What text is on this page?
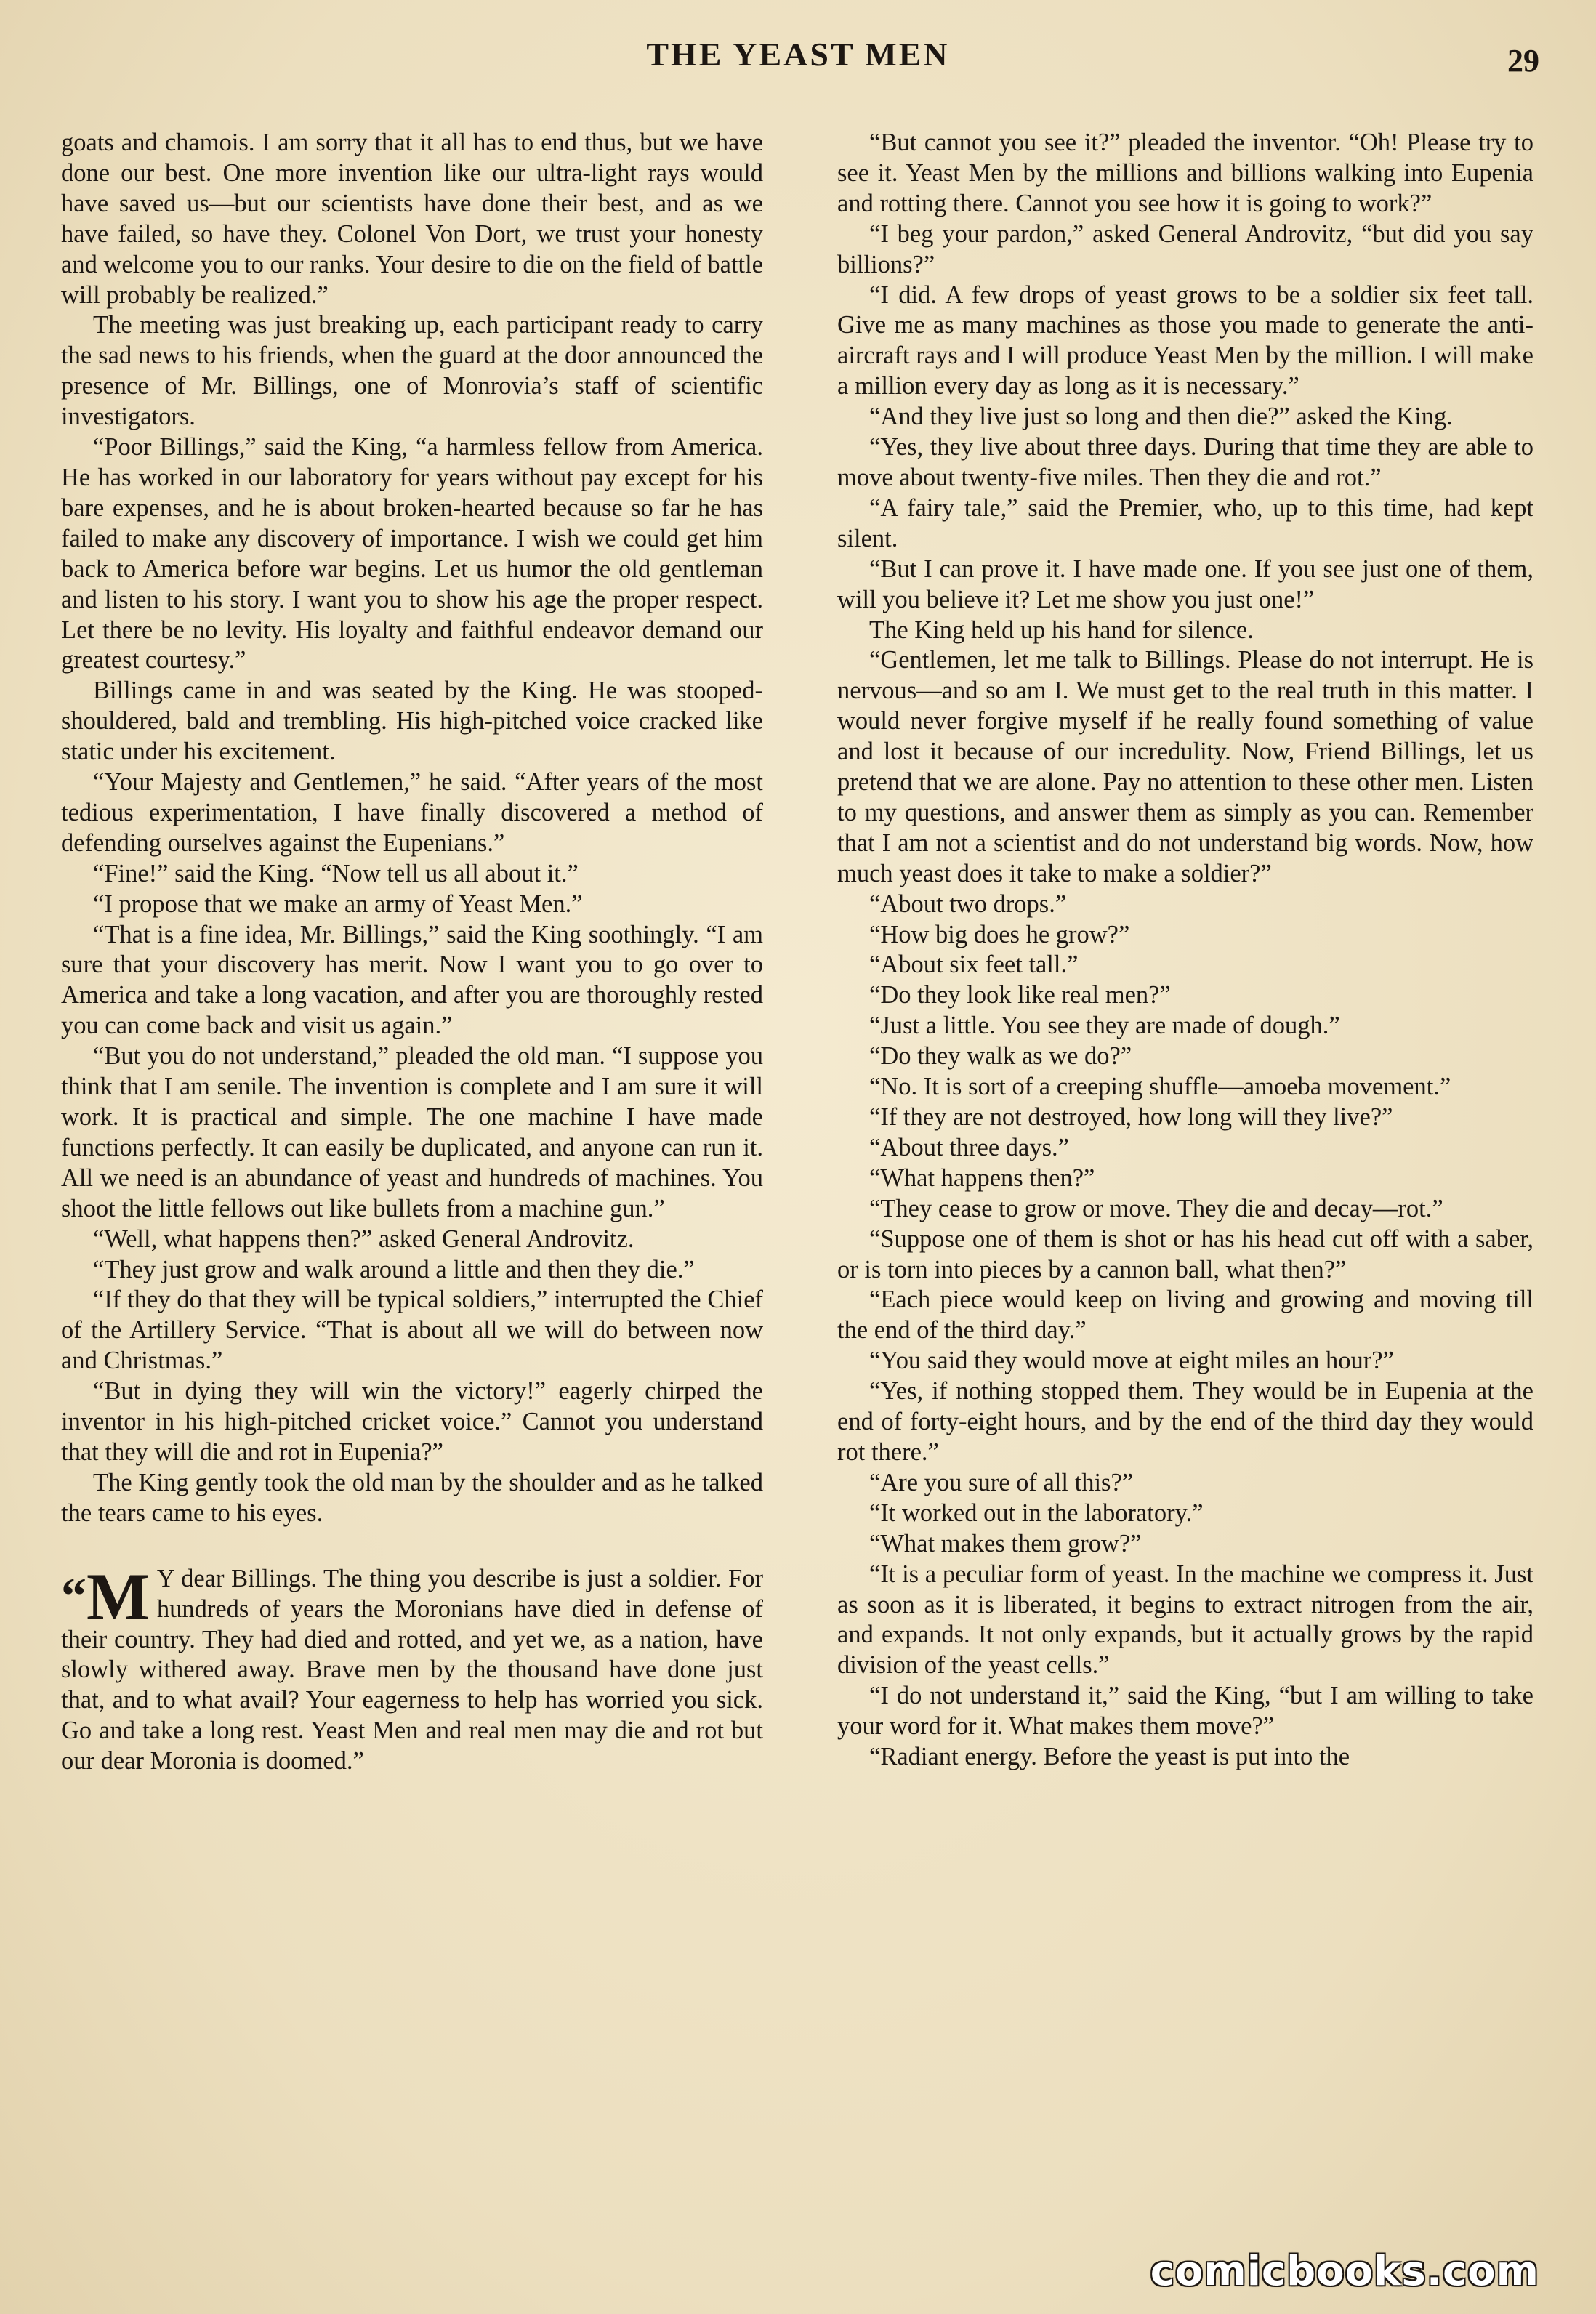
THE YEAST MEN	29

goats and chamois. I am sorry that it all has to end thus, but we have done our best. One more invention like our ultra-light rays would have saved us—but our scientists have done their best, and as we have failed, so have they. Colonel Von Dort, we trust your honesty and welcome you to our ranks. Your desire to die on the field of battle will probably be realized.”

The meeting was just breaking up, each participant ready to carry the sad news to his friends, when the guard at the door announced the presence of Mr. Billings, one of Monrovia’s staff of scientific investigators.

“Poor Billings,” said the King, “a harmless fellow from America. He has worked in our laboratory for years without pay except for his bare expenses, and he is about broken-hearted because so far he has failed to make any discovery of importance. I wish we could get him back to America before war begins. Let us humor the old gentleman and listen to his story. I want you to show his age the proper respect. Let there be no levity. His loyalty and faithful endeavor demand our greatest courtesy.”

Billings came in and was seated by the King. He was stooped-shouldered, bald and trembling. His high-pitched voice cracked like static under his excitement.

“Your Majesty and Gentlemen,” he said. “After years of the most tedious experimentation, I have finally discovered a method of defending ourselves against the Eupenians.”

“Fine!” said the King. “Now tell us all about it.”

“I propose that we make an army of Yeast Men.”

“That is a fine idea, Mr. Billings,” said the King soothingly. “I am sure that your discovery has merit. Now I want you to go over to America and take a long vacation, and after you are thoroughly rested you can come back and visit us again.”

“But you do not understand,” pleaded the old man. “I suppose you think that I am senile. The invention is complete and I am sure it will work. It is practical and simple. The one machine I have made functions perfectly. It can easily be duplicated, and anyone can run it. All we need is an abundance of yeast and hundreds of machines. You shoot the little fellows out like bullets from a machine gun.”

“Well, what happens then?” asked General Androvitz.

“They just grow and walk around a little and then they die.”

“If they do that they will be typical soldiers,” interrupted the Chief of the Artillery Service. “That is about all we will do between now and Christmas.”

“But in dying they will win the victory!” eagerly chirped the inventor in his high-pitched cricket voice.” Cannot you understand that they will die and rot in Eupenia?”

The King gently took the old man by the shoulder and as he talked the tears came to his eyes.

“M Y dear Billings. The thing you describe is just a soldier. For hundreds of years the Moronians have died in defense of their country. They had died and rotted, and yet we, as a nation, have slowly withered away. Brave men by the thousand have done just that, and to what avail? Your eagerness to help has worried you sick. Go and take a long rest. Yeast Men and real men may die and rot but our dear Moronia is doomed.”

“But cannot you see it?” pleaded the inventor. “Oh! Please try to see it. Yeast Men by the millions and billions walking into Eupenia and rotting there. Cannot you see how it is going to work?”

“I beg your pardon,” asked General Androvitz, “but did you say billions?”

“I did. A few drops of yeast grows to be a soldier six feet tall. Give me as many machines as those you made to generate the anti-aircraft rays and I will produce Yeast Men by the million. I will make a million every day as long as it is necessary.”

“And they live just so long and then die?” asked the King.

“Yes, they live about three days. During that time they are able to move about twenty-five miles. Then they die and rot.”

“A fairy tale,” said the Premier, who, up to this time, had kept silent.

“But I can prove it. I have made one. If you see just one of them, will you believe it? Let me show you just one!”

The King held up his hand for silence.

“Gentlemen, let me talk to Billings. Please do not interrupt. He is nervous—and so am I. We must get to the real truth in this matter. I would never forgive myself if he really found something of value and lost it because of our incredulity. Now, Friend Billings, let us pretend that we are alone. Pay no attention to these other men. Listen to my questions, and answer them as simply as you can. Remember that I am not a scientist and do not understand big words. Now, how much yeast does it take to make a soldier?”

“About two drops.”

“How big does he grow?”

“About six feet tall.”

“Do they look like real men?”

“Just a little. You see they are made of dough.”

“Do they walk as we do?”

“No. It is sort of a creeping shuffle—amoeba movement.”

“If they are not destroyed, how long will they live?”

“About three days.”

“What happens then?”

“They cease to grow or move. They die and decay—rot.”

“Suppose one of them is shot or has his head cut off with a saber, or is torn into pieces by a cannon ball, what then?”

“Each piece would keep on living and growing and moving till the end of the third day.”

“You said they would move at eight miles an hour?”

“Yes, if nothing stopped them. They would be in Eupenia at the end of forty-eight hours, and by the end of the third day they would rot there.”

“Are you sure of all this?”

“It worked out in the laboratory.”

“What makes them grow?”

“It is a peculiar form of yeast. In the machine we compress it. Just as soon as it is liberated, it begins to extract nitrogen from the air, and expands. It not only expands, but it actually grows by the rapid division of the yeast cells.”

“I do not understand it,” said the King, “but I am willing to take your word for it. What makes them move?”

“Radiant energy. Before the yeast is put into the

comicbooks.com
